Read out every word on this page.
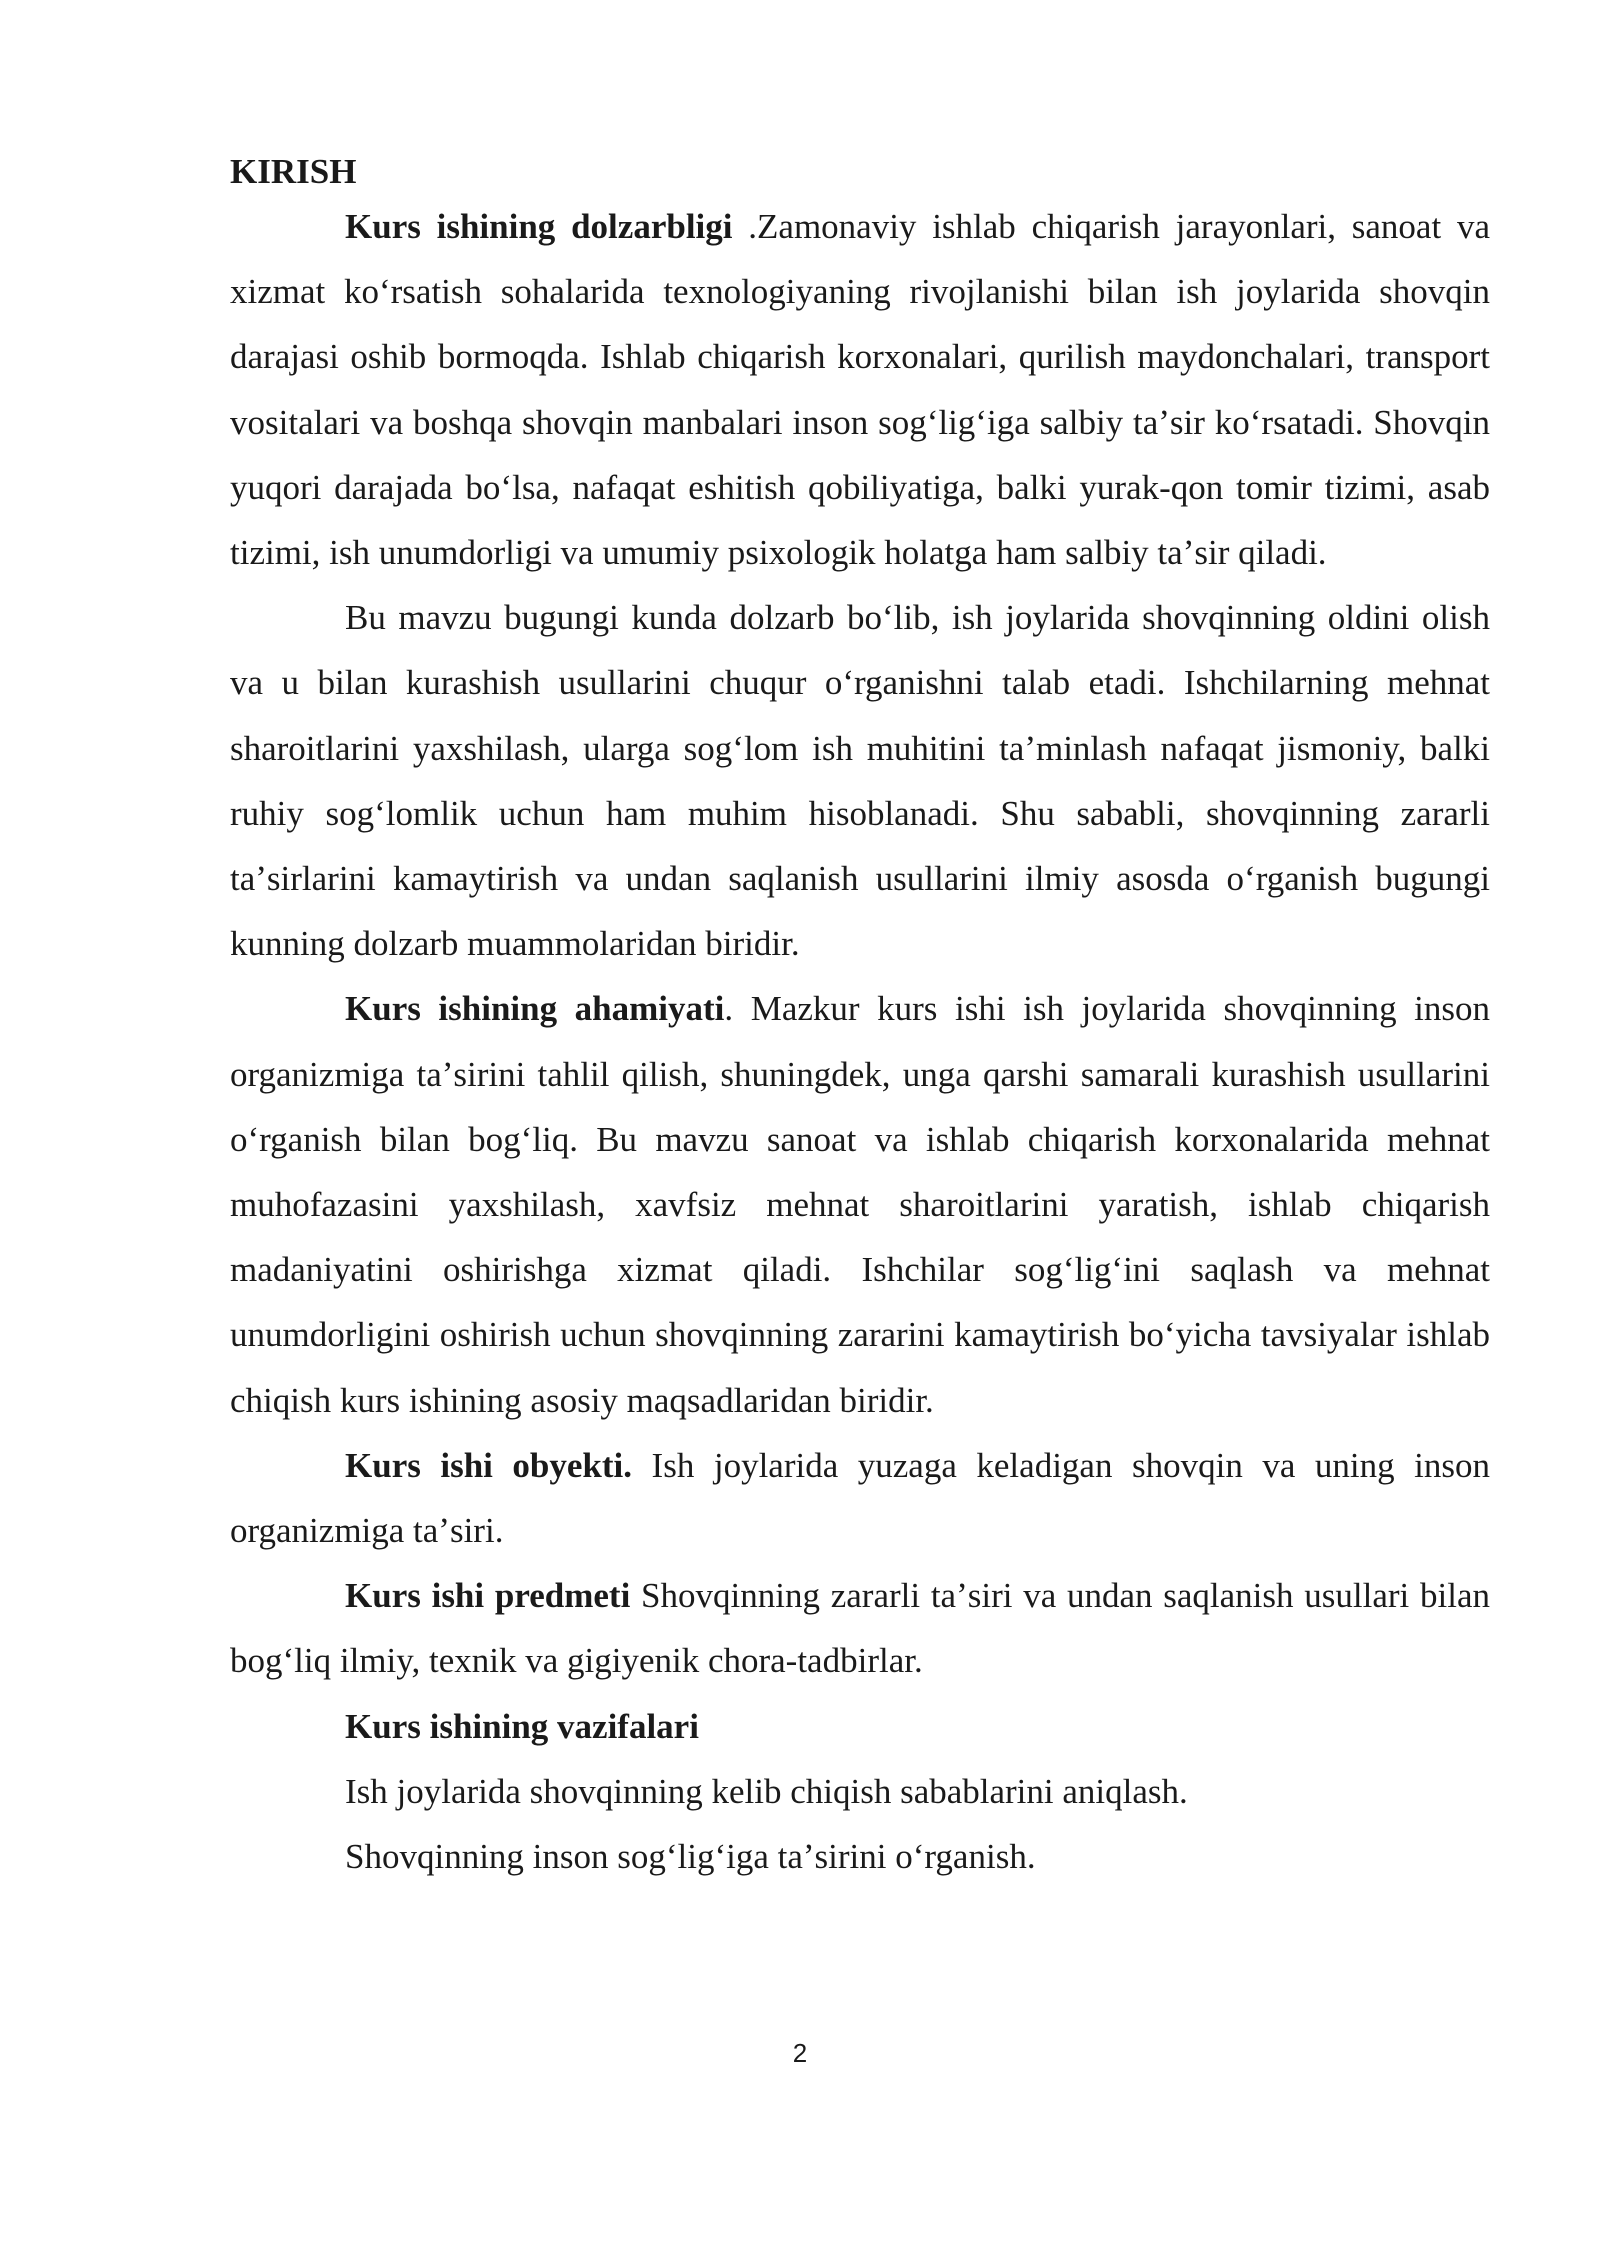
KIRISH

Kurs ishining dolzarbligi .Zamonaviy ishlab chiqarish jarayonlari, sanoat va xizmat koʻrsatish sohalarida texnologiyaning rivojlanishi bilan ish joylarida shovqin darajasi oshib bormoqda. Ishlab chiqarish korxonalari, qurilish maydonchalari, transport vositalari va boshqa shovqin manbalari inson sogʻligʻiga salbiy taʼsir koʻrsatadi. Shovqin yuqori darajada boʻlsa, nafaqat eshitish qobiliyatiga, balki yurak-qon tomir tizimi, asab tizimi, ish unumdorligi va umumiy psixologik holatga ham salbiy taʼsir qiladi.

Bu mavzu bugungi kunda dolzarb boʻlib, ish joylarida shovqinning oldini olish va u bilan kurashish usullarini chuqur oʻrganishni talab etadi. Ishchilarning mehnat sharoitlarini yaxshilash, ularga sogʻlom ish muhitini taʼminlash nafaqat jismoniy, balki ruhiy sogʻlomlik uchun ham muhim hisoblanadi. Shu sababli, shovqinning zararli taʼsirlarini kamaytirish va undan saqlanish usullarini ilmiy asosda oʻrganish bugungi kunning dolzarb muammolaridan biridir.

Kurs ishining ahamiyati. Mazkur kurs ishi ish joylarida shovqinning inson organizmiga taʼsirini tahlil qilish, shuningdek, unga qarshi samarali kurashish usullarini oʻrganish bilan bogʻliq. Bu mavzu sanoat va ishlab chiqarish korxonalarida mehnat muhofazasini yaxshilash, xavfsiz mehnat sharoitlarini yaratish, ishlab chiqarish madaniyatini oshirishga xizmat qiladi. Ishchilar sogʻligʻini saqlash va mehnat unumdorligini oshirish uchun shovqinning zararini kamaytirish boʻyicha tavsiyalar ishlab chiqish kurs ishining asosiy maqsadlaridan biridir.

Kurs ishi obyekti. Ish joylarida yuzaga keladigan shovqin va uning inson organizmiga taʼsiri.

Kurs ishi predmeti Shovqinning zararli taʼsiri va undan saqlanish usullari bilan bogʻliq ilmiy, texnik va gigiyenik chora-tadbirlar.

Kurs ishining vazifalari

Ish joylarida shovqinning kelib chiqish sabablarini aniqlash.

Shovqinning inson sogʻligʻiga taʼsirini oʻrganish.

2
